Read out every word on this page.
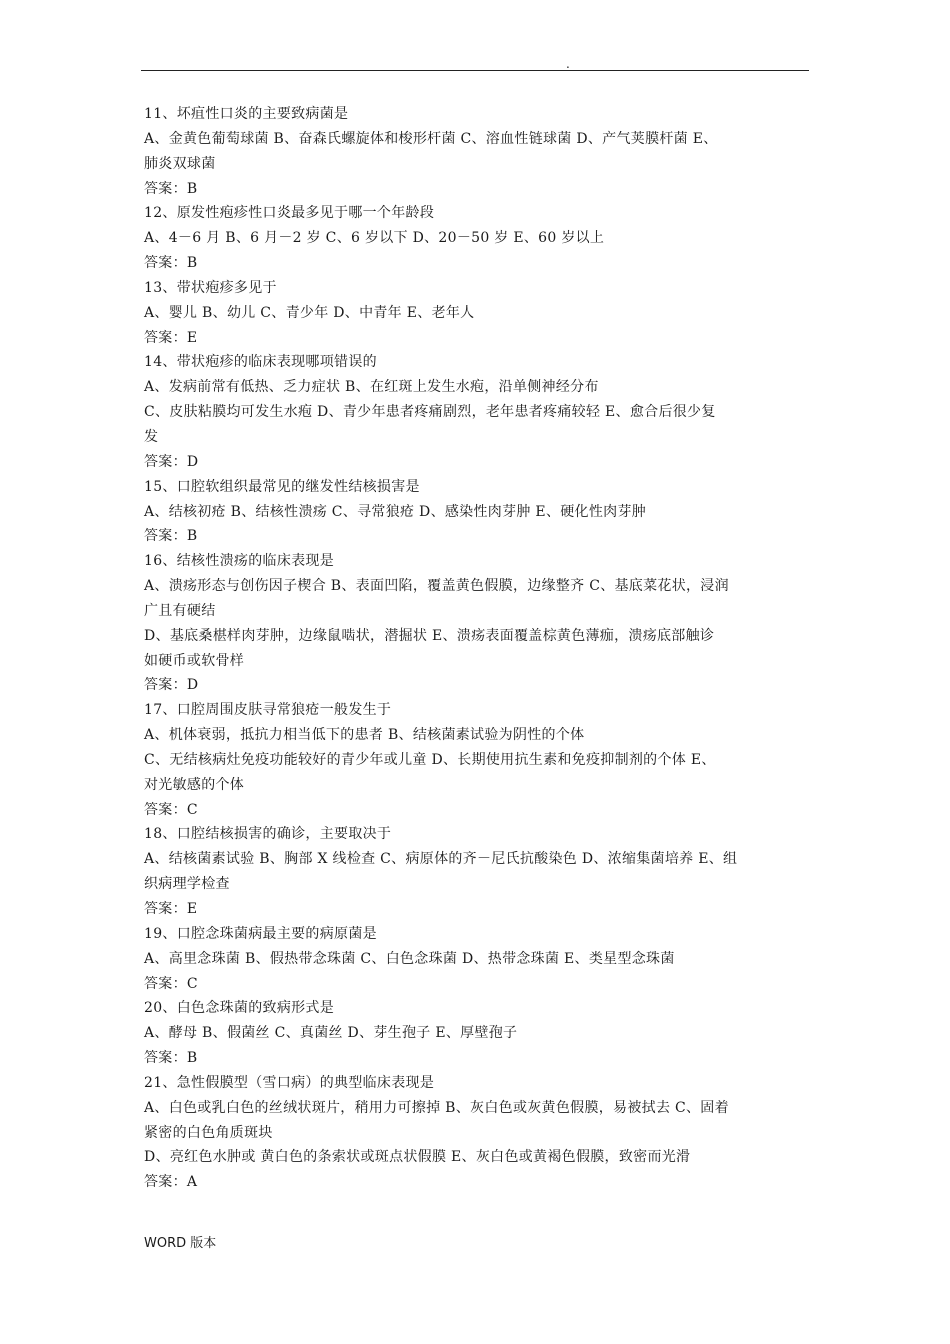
.
11、坏疽性口炎的主要致病菌是
A、金黄色葡萄球菌 B、奋森氏螺旋体和梭形杆菌 C、溶血性链球菌 D、产气荚膜杆菌 E、
肺炎双球菌
答案：B
12、原发性疱疹性口炎最多见于哪一个年龄段
A、4－6 月 B、6 月－2 岁 C、6 岁以下 D、20－50 岁 E、60 岁以上
答案：B
13、带状疱疹多见于
A、婴儿 B、幼儿 C、青少年 D、中青年 E、老年人
答案：E
14、带状疱疹的临床表现哪项错误的
A、发病前常有低热、乏力症状 B、在红斑上发生水疱，沿单侧神经分布
C、皮肤粘膜均可发生水疱 D、青少年患者疼痛剧烈，老年患者疼痛较轻 E、愈合后很少复
发
答案：D
15、口腔软组织最常见的继发性结核损害是
A、结核初疮 B、结核性溃疡 C、寻常狼疮 D、感染性肉芽肿 E、硬化性肉芽肿
答案：B
16、结核性溃疡的临床表现是
A、溃疡形态与创伤因子楔合 B、表面凹陷，覆盖黄色假膜，边缘整齐 C、基底菜花状，浸润
广且有硬结
D、基底桑椹样肉芽肿，边缘鼠啮状，潜掘状 E、溃疡表面覆盖棕黄色薄痂，溃疡底部触诊
如硬币或软骨样
答案：D
17、口腔周围皮肤寻常狼疮一般发生于
A、机体衰弱，抵抗力相当低下的患者 B、结核菌素试验为阴性的个体
C、无结核病灶免疫功能较好的青少年或儿童 D、长期使用抗生素和免疫抑制剂的个体 E、
对光敏感的个体
答案：C
18、口腔结核损害的确诊，主要取决于
A、结核菌素试验 B、胸部 X 线检查 C、病原体的齐－尼氏抗酸染色 D、浓缩集菌培养 E、组
织病理学检查
答案：E
19、口腔念珠菌病最主要的病原菌是
A、高里念珠菌 B、假热带念珠菌 C、白色念珠菌 D、热带念珠菌 E、类星型念珠菌
答案：C
20、白色念珠菌的致病形式是
A、酵母 B、假菌丝 C、真菌丝 D、芽生孢子 E、厚壁孢子
答案：B
21、急性假膜型（雪口病）的典型临床表现是
A、白色或乳白色的丝绒状斑片，稍用力可擦掉 B、灰白色或灰黄色假膜，易被拭去 C、固着
紧密的白色角质斑块
D、亮红色水肿或 黄白色的条索状或斑点状假膜 E、灰白色或黄褐色假膜，致密而光滑
答案：A
WORD 版本
